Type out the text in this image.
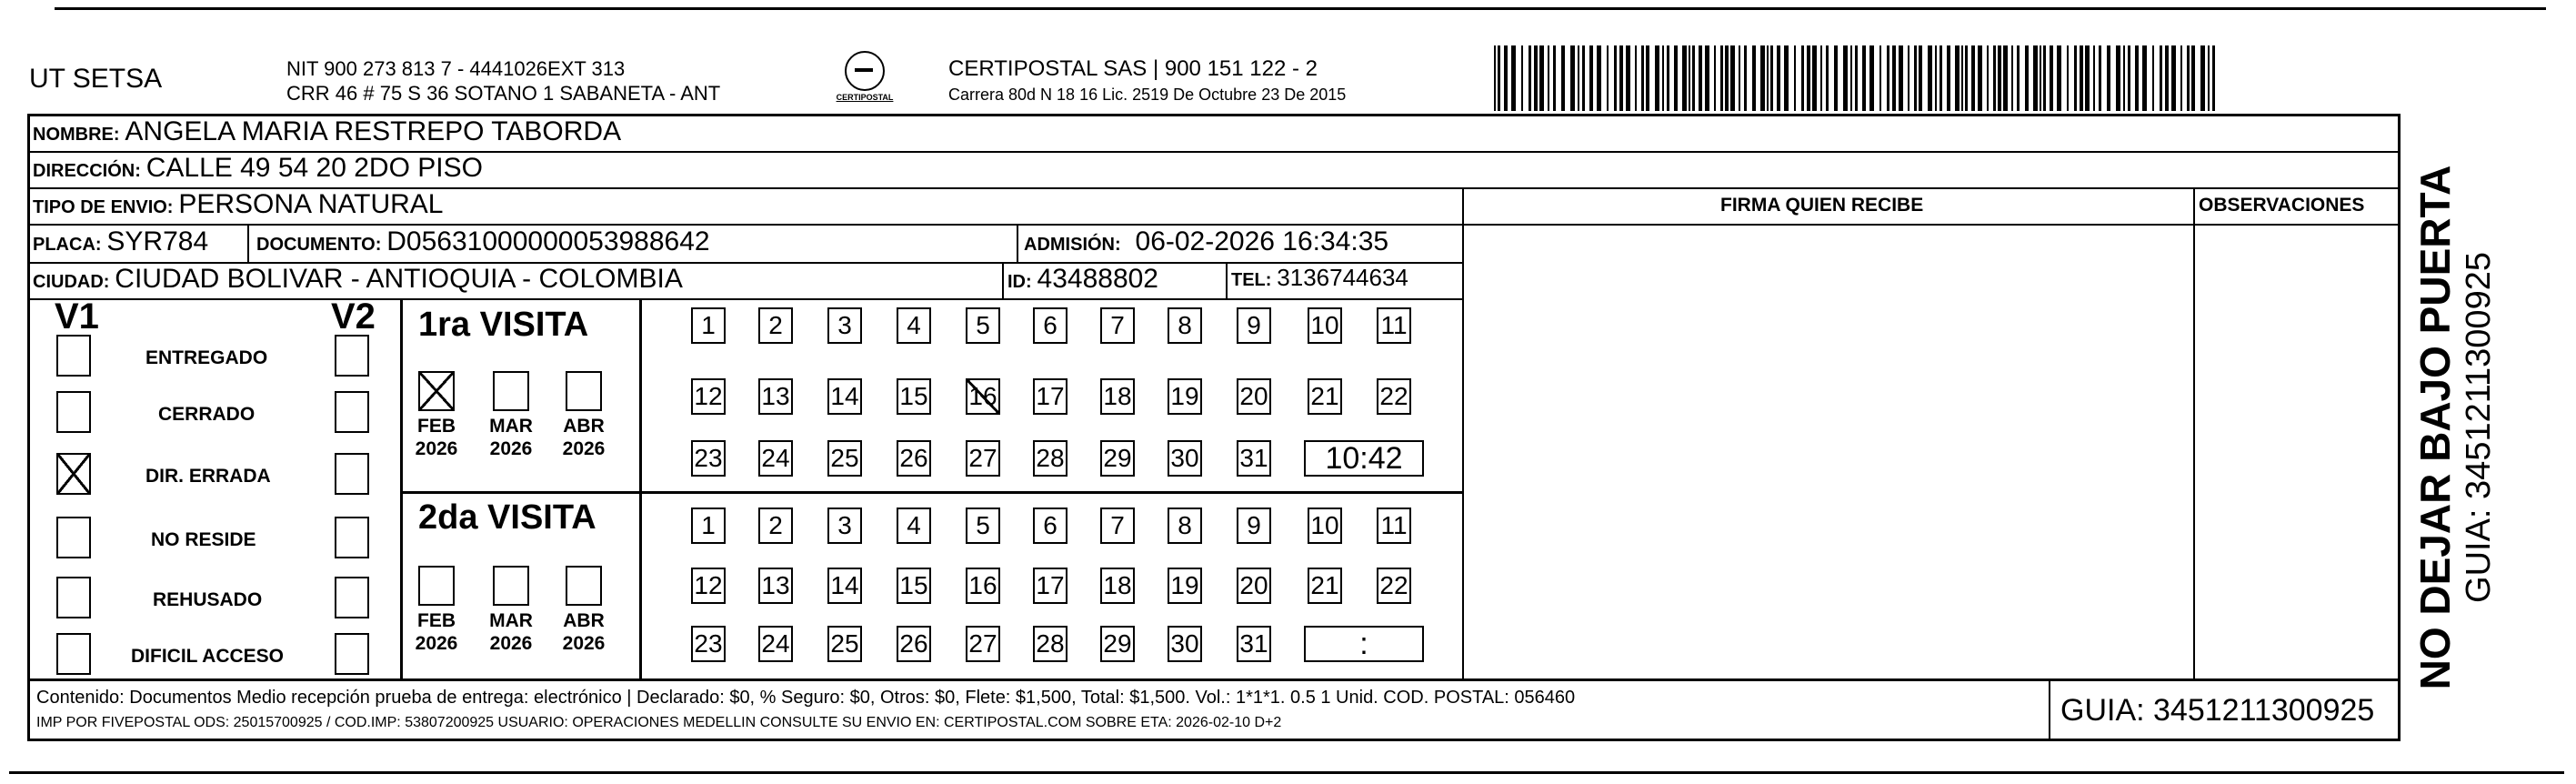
UT SETSA	NIT 900 273 813 7 - 4441026EXT 313
CRR 46 # 75 S 36 SOTANO 1 SABANETA - ANT	CERTIPOSTAL
CERTIPOSTAL SAS | 900 151 122 - 2
Carrera 80d N 18 16 Lic. 2519 De Octubre 23 De 2015
NOMBRE: ANGELA MARIA RESTREPO TABORDA
DIRECCIÓN: CALLE 49 54 20 2DO PISO
TIPO DE ENVIO: PERSONA NATURAL	FIRMA QUIEN RECIBE	OBSERVACIONES
PLACA: SYR784	DOCUMENTO: D05631000000053988642	ADMISIÓN: 06-02-2026 16:34:35
CIUDAD: CIUDAD BOLIVAR - ANTIOQUIA - COLOMBIA	ID: 43488802	TEL: 3136744634
V1	V2
ENTREGADO
CERRADO
DIR. ERRADA
NO RESIDE
REHUSADO
DIFICIL ACCESO
1ra VISITA
2da VISITA
FEB
2026
MAR
2026
ABR
2026
1	2	3	4	5	6	7	8	9	10 11
12 13 14 15 16 17 18 19 20 21 22
23 24 25 26 27 28 29 30 31	10:42
FEB
2026
MAR
2026
ABR
2026
1	2	3	4	5	6	7	8	9	10 11
12 13 14 15 16 17 18 19 20 21 22
23 24 25 26 27 28 29 30 31	:
Contenido: Documentos Medio recepción prueba de entrega: electrónico | Declarado: $0, % Seguro: $0, Otros: $0, Flete: $1,500, Total: $1,500. Vol.: 1*1*1. 0.5 1 Unid. COD. POSTAL: 056460
IMP POR FIVEPOSTAL ODS: 25015700925 / COD.IMP: 53807200925 USUARIO: OPERACIONES MEDELLIN CONSULTE SU ENVIO EN: CERTIPOSTAL.COM SOBRE ETA: 2026-02-10 D+2	GUIA: 3451211300925
NO DEJAR BAJO PUERTA GUIA: 3451211300925
